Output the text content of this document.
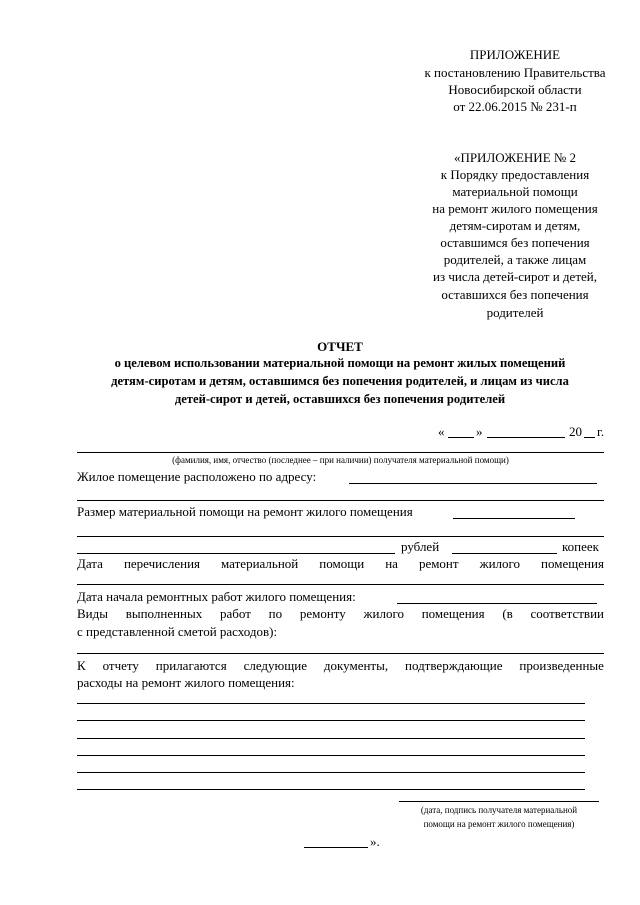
ПРИЛОЖЕНИЕ
к постановлению Правительства
Новосибирской области
от 22.06.2015 № 231-п
«ПРИЛОЖЕНИЕ № 2
к Порядку предоставления
материальной помощи
на ремонт жилого помещения
детям-сиротам и детям,
оставшимся без попечения
родителей, а также лицам
из числа детей-сирот и детей,
оставшихся без попечения
родителей
ОТЧЕТ
о целевом использовании материальной помощи на ремонт жилых помещений
детям-сиротам и детям, оставшимся без попечения родителей, и лицам из числа
детей-сирот и детей, оставшихся без попечения родителей
« »	20 г.
(фамилия, имя, отчество (последнее – при наличии) получателя материальной помощи)
Жилое помещение расположено по адресу:
Размер материальной помощи на ремонт жилого помещения
рублей	копеек
Дата перечисления материальной помощи на ремонт жилого помещения
Дата начала ремонтных работ жилого помещения:
Виды выполненных работ по ремонту жилого помещения (в соответствии
с представленной сметой расходов):
К отчету прилагаются следующие документы, подтверждающие произведенные
расходы на ремонт жилого помещения:
(дата, подпись получателя материальной
помощи на ремонт жилого помещения)
».
